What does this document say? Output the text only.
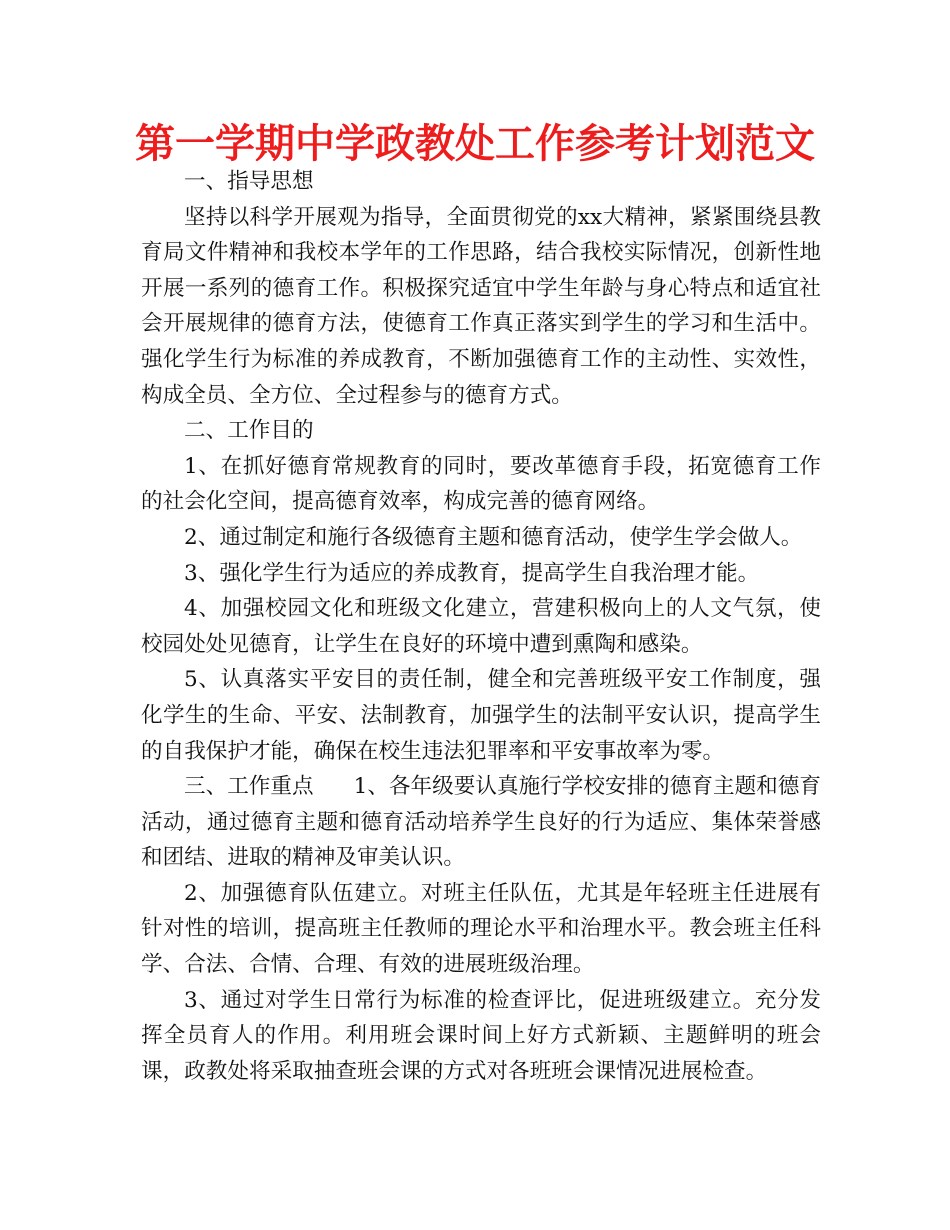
第一学期中学政教处工作参考计划范文

一、指导思想

坚持以科学开展观为指导，全面贯彻党的xx大精神，紧紧围绕县教育局文件精神和我校本学年的工作思路，结合我校实际情况，创新性地开展一系列的德育工作。积极探究适宜中学生年龄与身心特点和适宜社会开展规律的德育方法，使德育工作真正落实到学生的学习和生活中。强化学生行为标准的养成教育，不断加强德育工作的主动性、实效性，构成全员、全方位、全过程参与的德育方式。

二、工作目的

1、在抓好德育常规教育的同时，要改革德育手段，拓宽德育工作的社会化空间，提高德育效率，构成完善的德育网络。

2、通过制定和施行各级德育主题和德育活动，使学生学会做人。

3、强化学生行为适应的养成教育，提高学生自我治理才能。

4、加强校园文化和班级文化建立，营建积极向上的人文气氛，使校园处处见德育，让学生在良好的环境中遭到熏陶和感染。

5、认真落实平安目的责任制，健全和完善班级平安工作制度，强化学生的生命、平安、法制教育，加强学生的法制平安认识，提高学生的自我保护才能，确保在校生违法犯罪率和平安事故率为零。

三、工作重点 1、各年级要认真施行学校安排的德育主题和德育活动，通过德育主题和德育活动培养学生良好的行为适应、集体荣誉感和团结、进取的精神及审美认识。

2、加强德育队伍建立。对班主任队伍，尤其是年轻班主任进展有针对性的培训，提高班主任教师的理论水平和治理水平。教会班主任科学、合法、合情、合理、有效的进展班级治理。

3、通过对学生日常行为标准的检查评比，促进班级建立。充分发挥全员育人的作用。利用班会课时间上好方式新颖、主题鲜明的班会课，政教处将采取抽查班会课的方式对各班班会课情况进展检查。
